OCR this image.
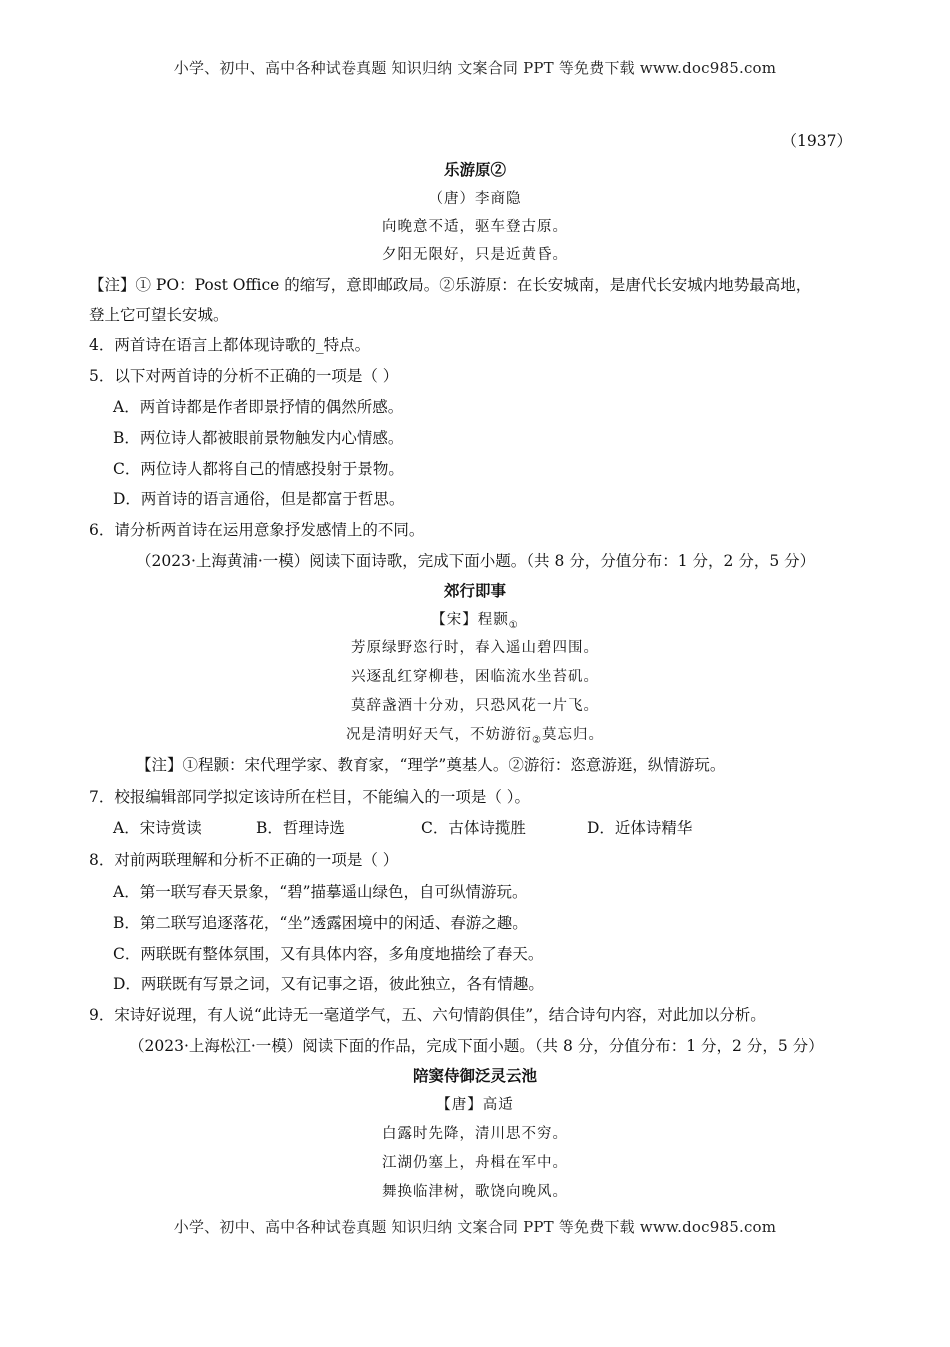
小学、初中、高中各种试卷真题 知识归纳 文案合同 PPT 等免费下载 www.doc985.com
（1937）
乐游原②
（唐）李商隐
向晚意不适，驱车登古原。
夕阳无限好，只是近黄昏。
【注】① PO：Post Office 的缩写，意即邮政局。②乐游原：在长安城南，是唐代长安城内地势最高地，
登上它可望长安城。
4．两首诗在语言上都体现诗歌的_特点。
5．以下对两首诗的分析不正确的一项是（ ）
A．两首诗都是作者即景抒情的偶然所感。
B．两位诗人都被眼前景物触发内心情感。
C．两位诗人都将自己的情感投射于景物。
D．两首诗的语言通俗，但是都富于哲思。
6．请分析两首诗在运用意象抒发感情上的不同。
（2023·上海黄浦·一模）阅读下面诗歌，完成下面小题。（共 8 分，分值分布：1 分，2 分，5 分）
郊行即事
【宋】程颢$_①$
芳原绿野恣行时，春入遥山碧四围。
兴逐乱红穿柳巷，困临流水坐苔矶。
莫辞盏酒十分劝，只恐风花一片飞。
况是清明好天气，不妨游衍$_②$莫忘归。
【注】①程颢：宋代理学家、教育家，“理学”奠基人。②游衍：恣意游逛，纵情游玩。
7．校报编辑部同学拟定该诗所在栏目，不能编入的一项是（ ）。
A．宋诗赏读	B．哲理诗选	C．古体诗揽胜	D．近体诗精华
8．对前两联理解和分析不正确的一项是（ ）
A．第一联写春天景象，“碧”描摹遥山绿色，自可纵情游玩。
B．第二联写追逐落花，“坐”透露困境中的闲适、春游之趣。
C．两联既有整体氛围，又有具体内容，多角度地描绘了春天。
D．两联既有写景之词，又有记事之语，彼此独立，各有情趣。
9．宋诗好说理，有人说“此诗无一毫道学气，五、六句情韵俱佳”，结合诗句内容，对此加以分析。
（2023·上海松江·一模）阅读下面的作品，完成下面小题。（共 8 分，分值分布：1 分，2 分，5 分）
陪窦侍御泛灵云池
【唐】高适
白露时先降，清川思不穷。
江湖仍塞上，舟楫在军中。
舞换临津树，歌饶向晚风。
小学、初中、高中各种试卷真题 知识归纳 文案合同 PPT 等免费下载 www.doc985.com
